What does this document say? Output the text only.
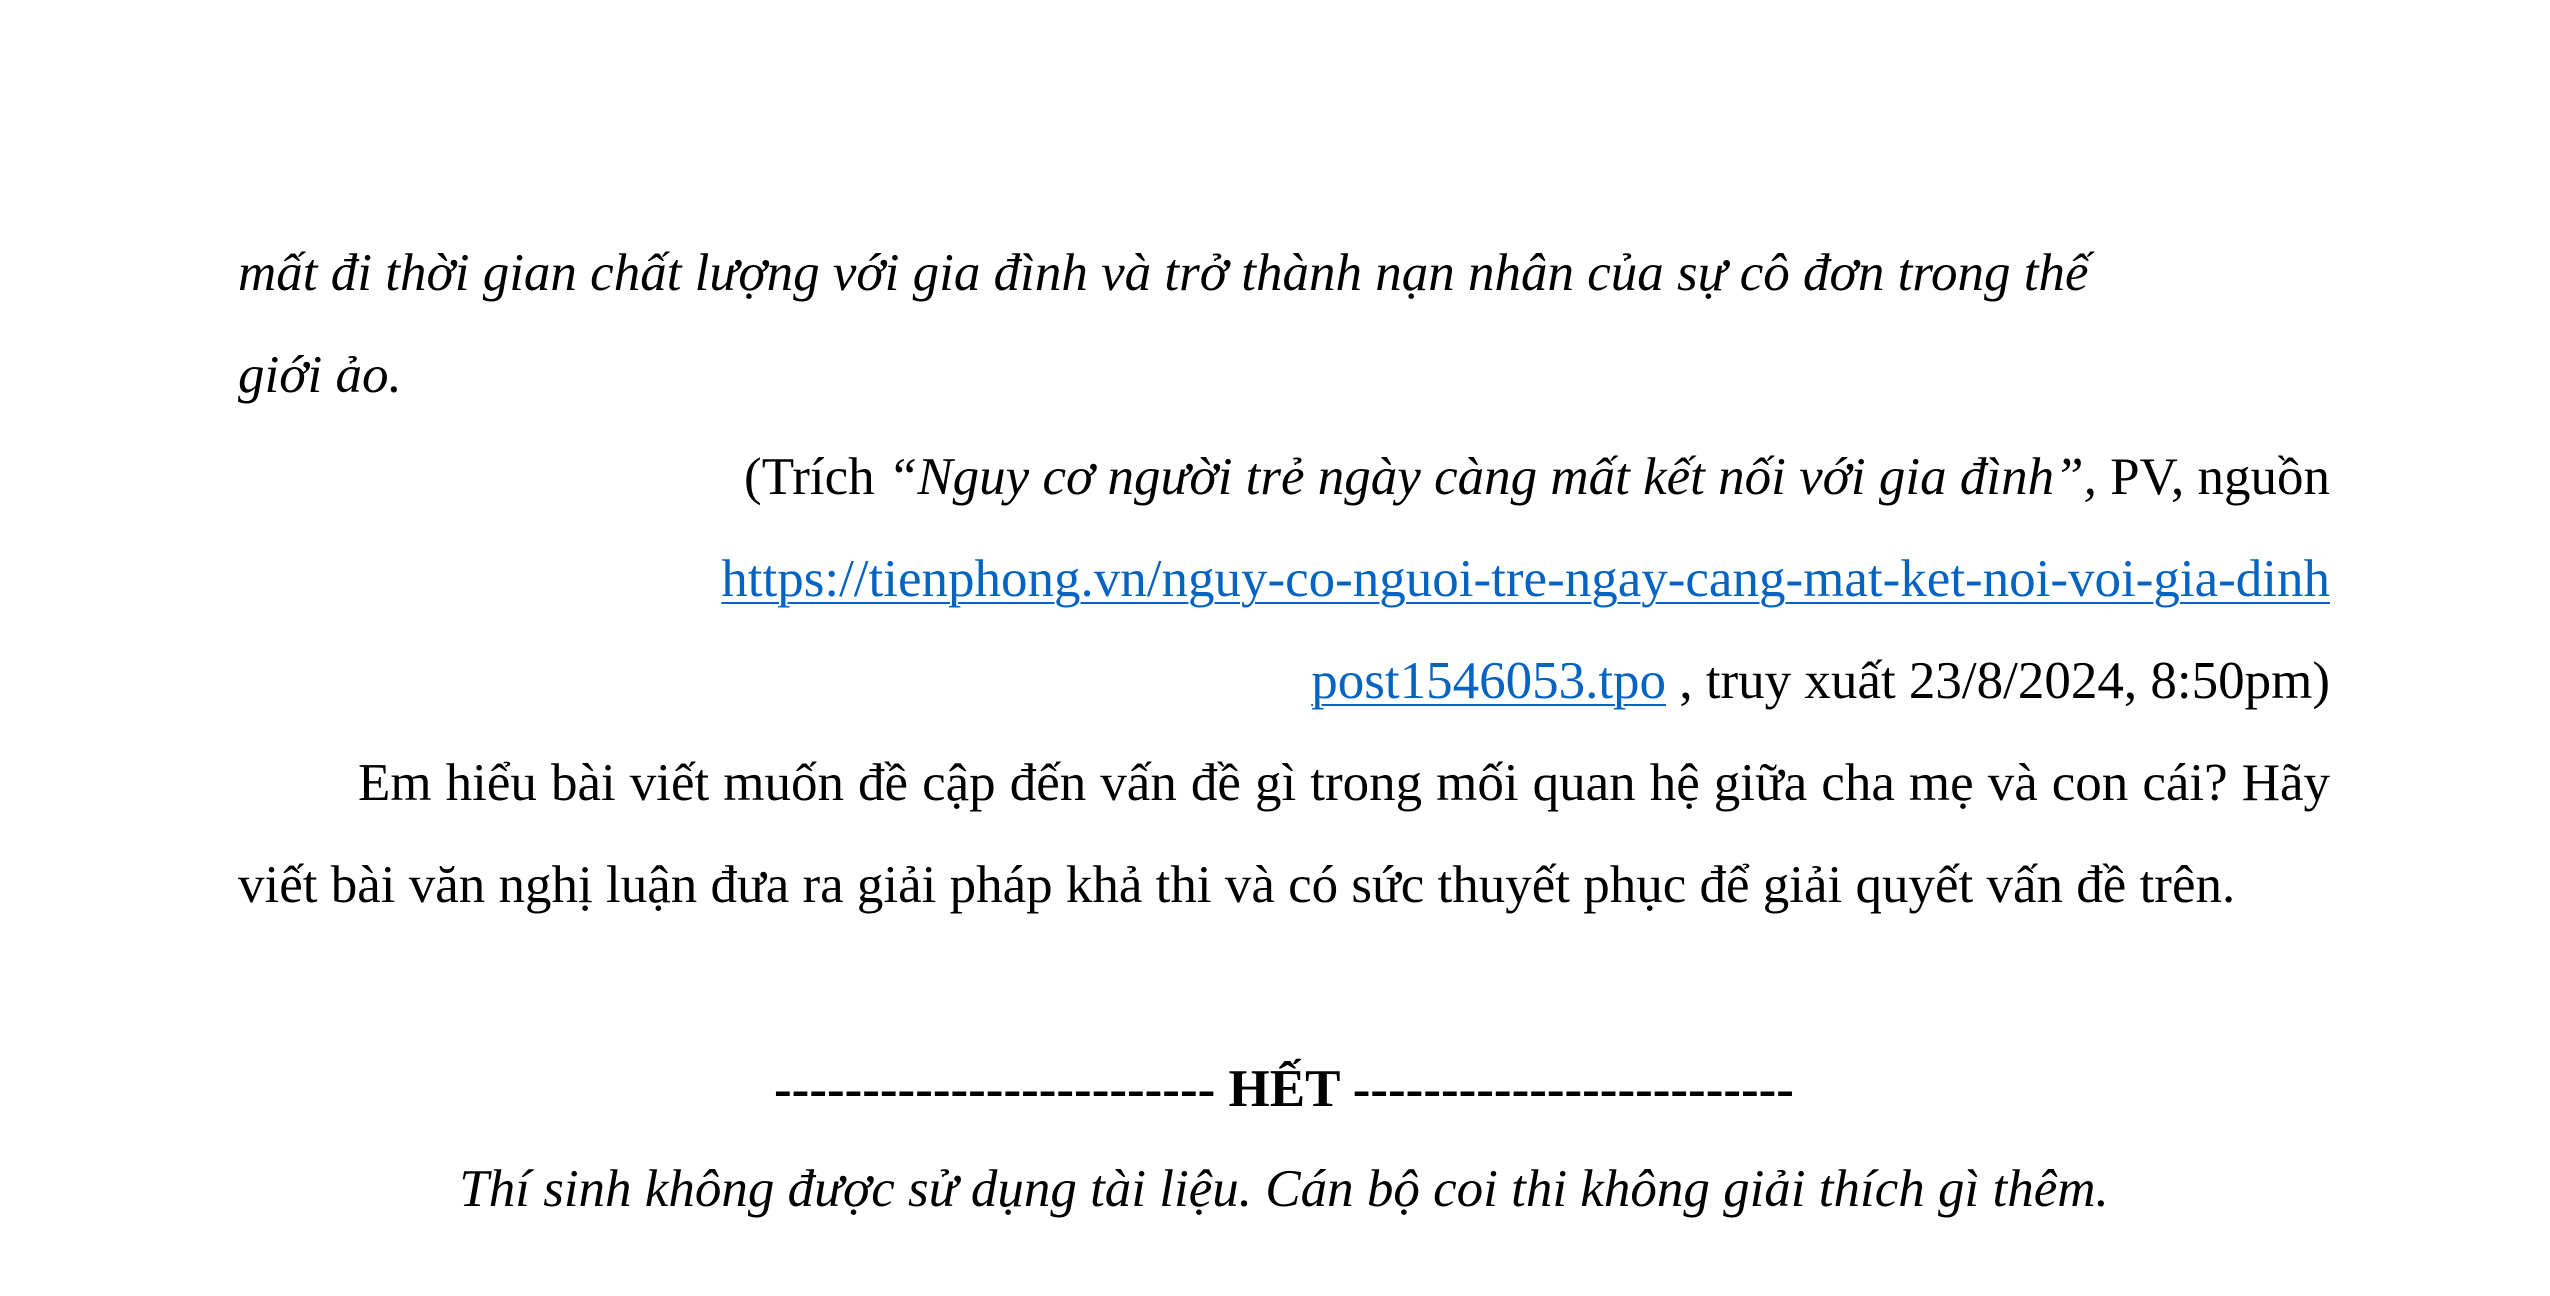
mất đi thời gian chất lượng với gia đình và trở thành nạn nhân của sự cô đơn trong thế
giới ảo.
(Trích “Nguy cơ người trẻ ngày càng mất kết nối với gia đình”, PV, nguồn
https://tienphong.vn/nguy-co-nguoi-tre-ngay-cang-mat-ket-noi-voi-gia-dinh
post1546053.tpo , truy xuất 23/8/2024, 8:50pm)
Em hiểu bài viết muốn đề cập đến vấn đề gì trong mối quan hệ giữa cha mẹ và con cái? Hãy viết bài văn nghị luận đưa ra giải pháp khả thi và có sức thuyết phục để giải quyết vấn đề trên.
------------------------- HẾT -------------------------
Thí sinh không được sử dụng tài liệu. Cán bộ coi thi không giải thích gì thêm.
